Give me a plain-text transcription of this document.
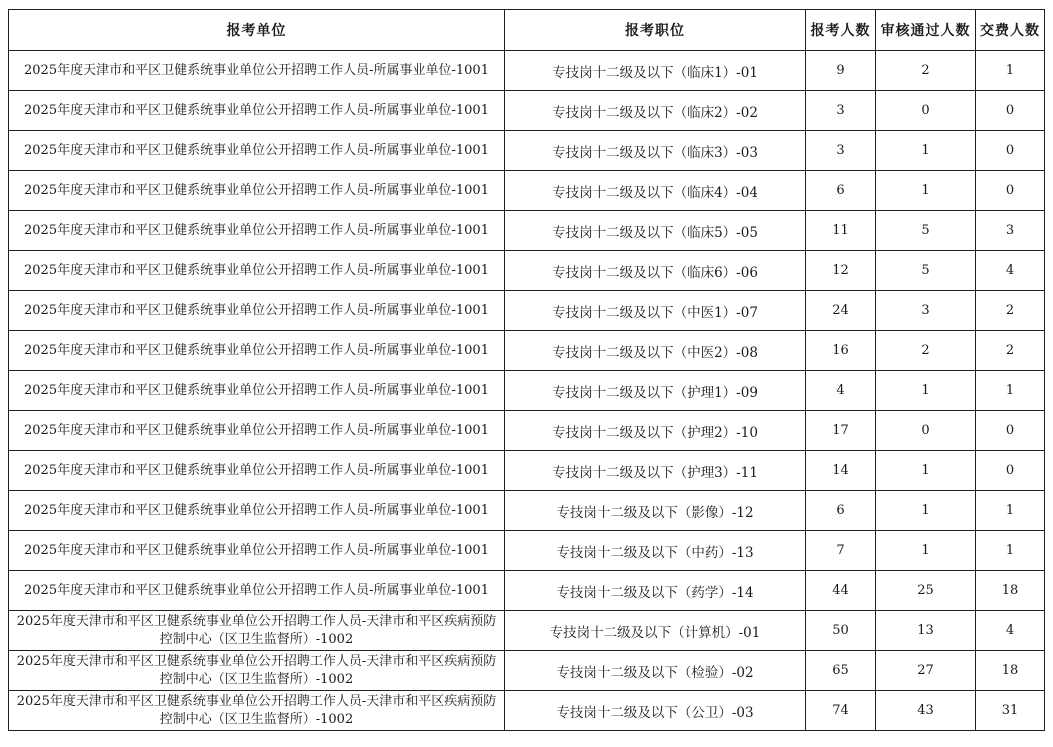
报考单位	报考职位	报考人数	审核通过人数	交费人数
2025年度天津市和平区卫健系统事业单位公开招聘工作人员-所属事业单位-1001	专技岗十二级及以下（临床1）-01	9	2	1
2025年度天津市和平区卫健系统事业单位公开招聘工作人员-所属事业单位-1001	专技岗十二级及以下（临床2）-02	3	0	0
2025年度天津市和平区卫健系统事业单位公开招聘工作人员-所属事业单位-1001	专技岗十二级及以下（临床3）-03	3	1	0
2025年度天津市和平区卫健系统事业单位公开招聘工作人员-所属事业单位-1001	专技岗十二级及以下（临床4）-04	6	1	0
2025年度天津市和平区卫健系统事业单位公开招聘工作人员-所属事业单位-1001	专技岗十二级及以下（临床5）-05	11	5	3
2025年度天津市和平区卫健系统事业单位公开招聘工作人员-所属事业单位-1001	专技岗十二级及以下（临床6）-06	12	5	4
2025年度天津市和平区卫健系统事业单位公开招聘工作人员-所属事业单位-1001	专技岗十二级及以下（中医1）-07	24	3	2
2025年度天津市和平区卫健系统事业单位公开招聘工作人员-所属事业单位-1001	专技岗十二级及以下（中医2）-08	16	2	2
2025年度天津市和平区卫健系统事业单位公开招聘工作人员-所属事业单位-1001	专技岗十二级及以下（护理1）-09	4	1	1
2025年度天津市和平区卫健系统事业单位公开招聘工作人员-所属事业单位-1001	专技岗十二级及以下（护理2）-10	17	0	0
2025年度天津市和平区卫健系统事业单位公开招聘工作人员-所属事业单位-1001	专技岗十二级及以下（护理3）-11	14	1	0
2025年度天津市和平区卫健系统事业单位公开招聘工作人员-所属事业单位-1001	专技岗十二级及以下（影像）-12	6	1	1
2025年度天津市和平区卫健系统事业单位公开招聘工作人员-所属事业单位-1001	专技岗十二级及以下（中药）-13	7	1	1
2025年度天津市和平区卫健系统事业单位公开招聘工作人员-所属事业单位-1001	专技岗十二级及以下（药学）-14	44	25	18
2025年度天津市和平区卫健系统事业单位公开招聘工作人员-天津市和平区疾病预防控制中心（区卫生监督所）-1002	专技岗十二级及以下（计算机）-01	50	13	4
2025年度天津市和平区卫健系统事业单位公开招聘工作人员-天津市和平区疾病预防控制中心（区卫生监督所）-1002	专技岗十二级及以下（检验）-02	65	27	18
2025年度天津市和平区卫健系统事业单位公开招聘工作人员-天津市和平区疾病预防控制中心（区卫生监督所）-1002	专技岗十二级及以下（公卫）-03	74	43	31
